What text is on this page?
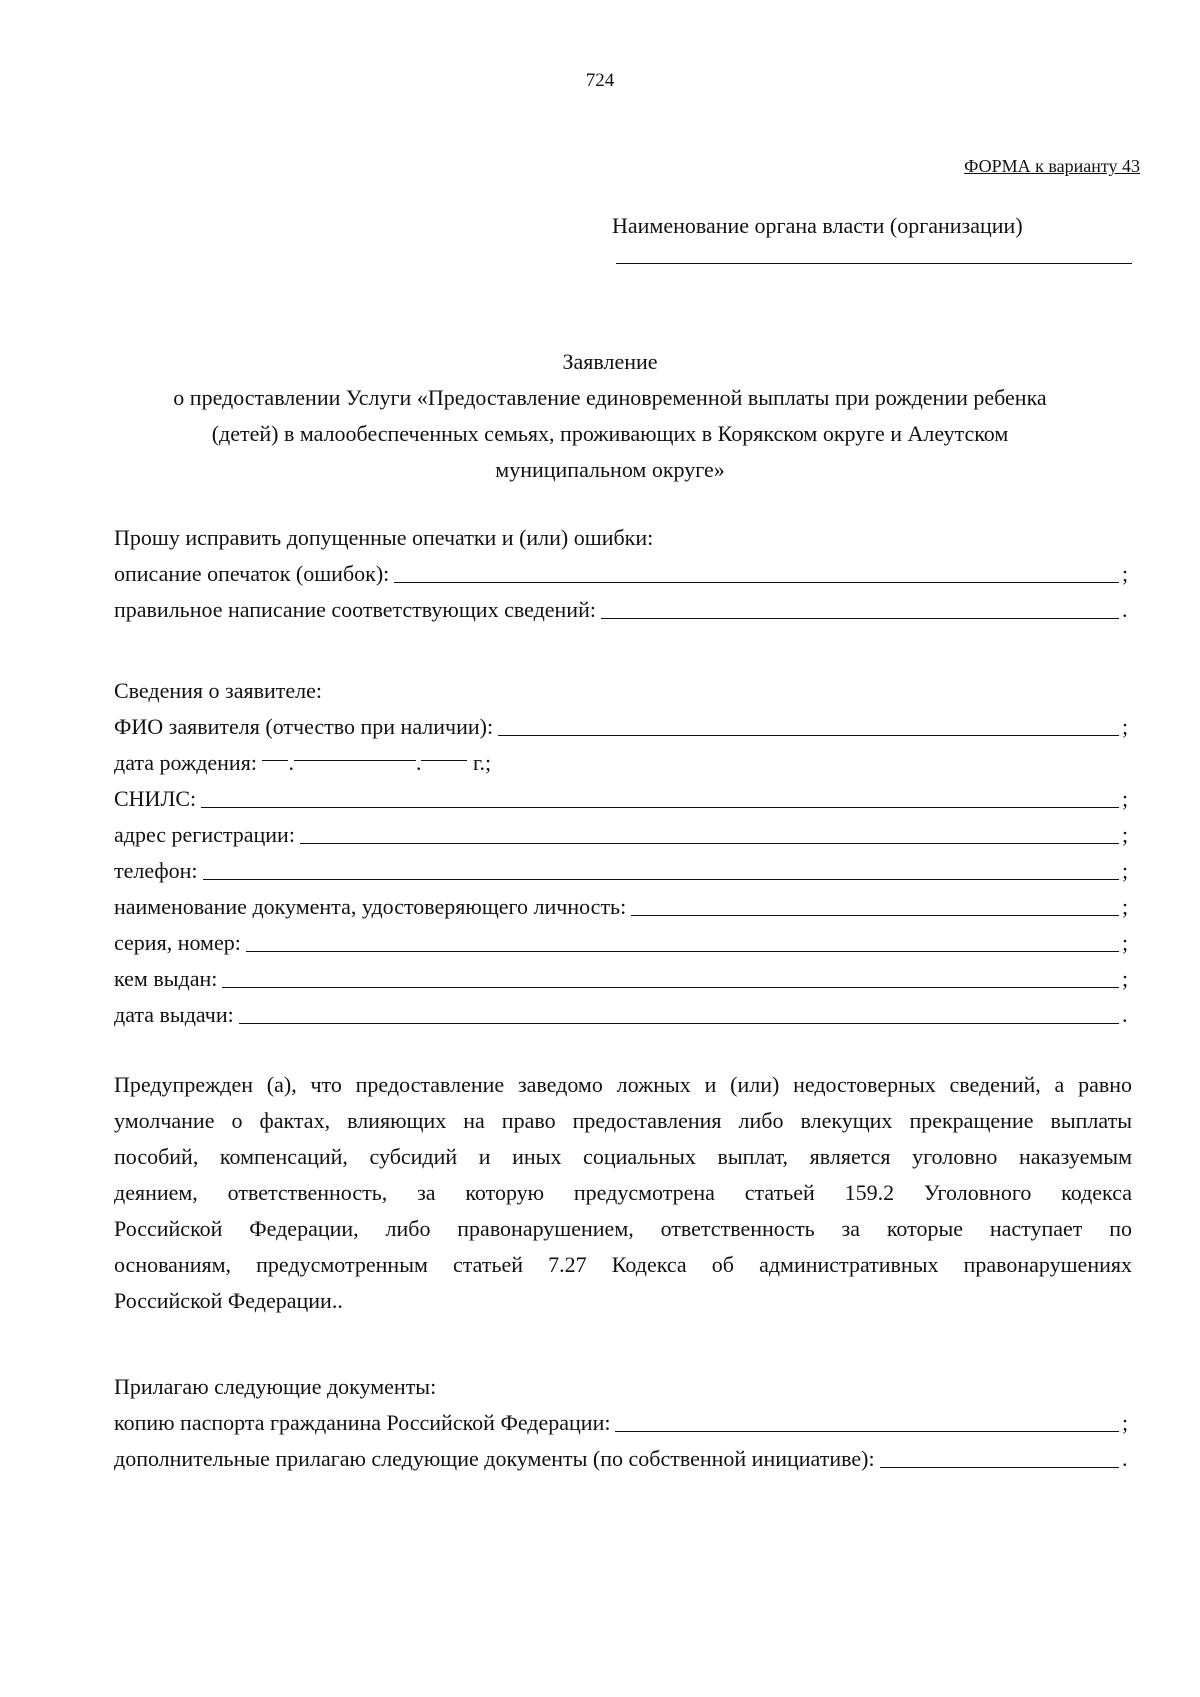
724
ФОРМА к варианту 43
Наименование органа власти (организации)
Заявление
о предоставлении Услуги «Предоставление единовременной выплаты при рождении ребенка
(детей) в малообеспеченных семьях, проживающих в Корякском округе и Алеутском
муниципальном округе»
Прошу исправить допущенные опечатки и (или) ошибки:
описание опечаток (ошибок):	;
правильное написание соответствующих сведений:	.
Сведения о заявителе:
ФИО заявителя (отчество при наличии):	;
дата рождения:	.	.	г.;
СНИЛС:	;
адрес регистрации:	;
телефон:	;
наименование документа, удостоверяющего личность:	;
серия, номер:	;
кем выдан:	;
дата выдачи:	.
Предупрежден (а), что предоставление заведомо ложных и (или) недостоверных сведений, а равно
умолчание о фактах, влияющих на право предоставления либо влекущих прекращение выплаты
пособий, компенсаций, субсидий и иных социальных выплат, является уголовно наказуемым
деянием, ответственность, за которую предусмотрена статьей 159.2 Уголовного кодекса
Российской Федерации, либо правонарушением, ответственность за которые наступает по
основаниям, предусмотренным статьей 7.27 Кодекса об административных правонарушениях
Российской Федерации..
Прилагаю следующие документы:
копию паспорта гражданина Российской Федерации:	;
дополнительные прилагаю следующие документы (по собственной инициативе):	.
